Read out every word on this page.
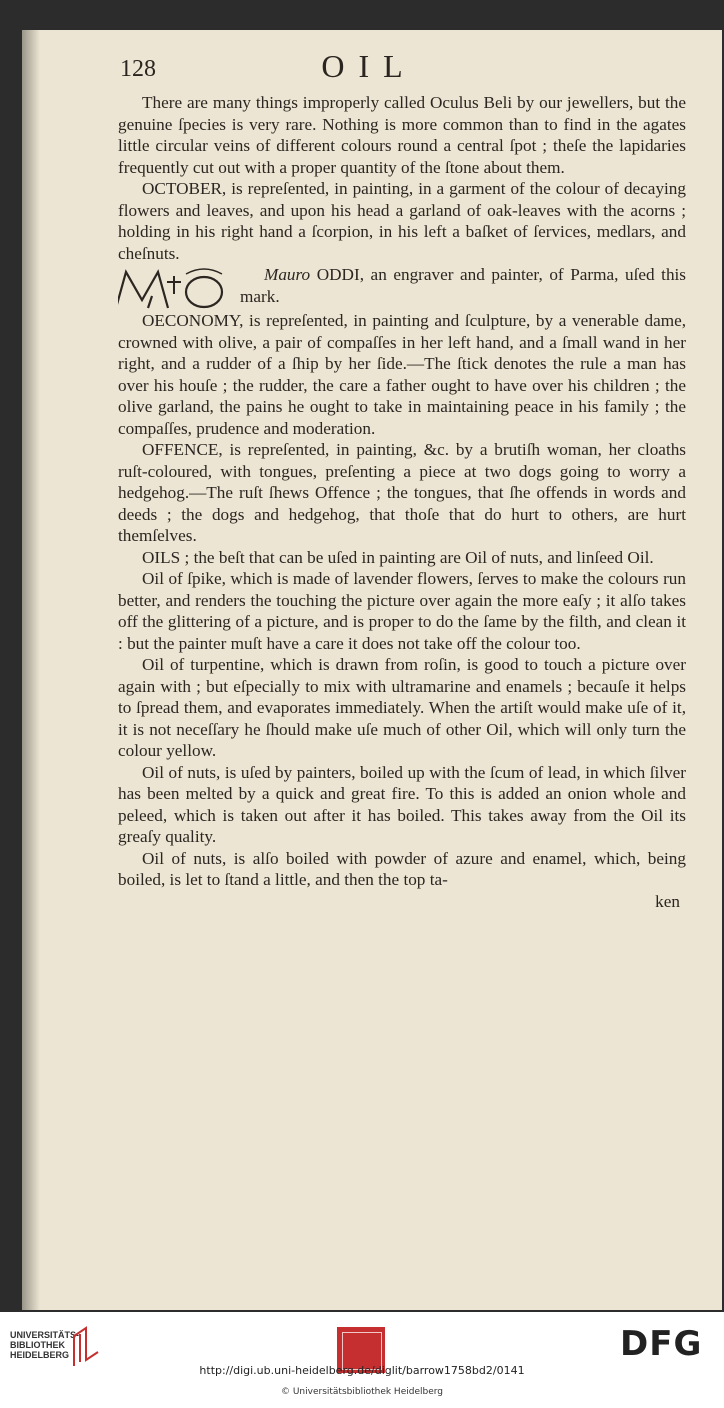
128	OIL

There are many things improperly called Oculus Beli by our jewellers, but the genuine ſpecies is very rare. Nothing is more common than to find in the agates little circular veins of different colours round a central ſpot ; theſe the lapidaries frequently cut out with a proper quantity of the ſtone about them.

OCTOBER, is repreſented, in painting, in a garment of the colour of decaying flowers and leaves, and upon his head a garland of oak-leaves with the acorns ; holding in his right hand a ſcorpion, in his left a baſket of ſervices, medlars, and cheſnuts.

Mauro ODDI, an engraver and painter, of Parma, uſed this mark.

OECONOMY, is repreſented, in painting and ſculpture, by a venerable dame, crowned with olive, a pair of compaſſes in her left hand, and a ſmall wand in her right, and a rudder of a ſhip by her ſide.—The ſtick denotes the rule a man has over his houſe ; the rudder, the care a father ought to have over his children ; the olive garland, the pains he ought to take in maintaining peace in his family ; the compaſſes, prudence and moderation.

OFFENCE, is repreſented, in painting, &c. by a brutiſh woman, her cloaths ruſt-coloured, with tongues, preſenting a piece at two dogs going to worry a hedgehog.—The ruſt ſhews Offence ; the tongues, that ſhe offends in words and deeds ; the dogs and hedgehog, that thoſe that do hurt to others, are hurt themſelves.

OILS ; the beſt that can be uſed in painting are Oil of nuts, and linſeed Oil.

Oil of ſpike, which is made of lavender flowers, ſerves to make the colours run better, and renders the touching the picture over again the more eaſy ; it alſo takes off the glittering of a picture, and is proper to do the ſame by the filth, and clean it : but the painter muſt have a care it does not take off the colour too.

Oil of turpentine, which is drawn from roſin, is good to touch a picture over again with ; but eſpecially to mix with ultramarine and enamels ; becauſe it helps to ſpread them, and evaporates immediately. When the artiſt would make uſe of it, it is not neceſſary he ſhould make uſe much of other Oil, which will only turn the colour yellow.

Oil of nuts, is uſed by painters, boiled up with the ſcum of lead, in which ſilver has been melted by a quick and great fire. To this is added an onion whole and peleed, which is taken out after it has boiled. This takes away from the Oil its greaſy quality.

Oil of nuts, is alſo boiled with powder of azure and enamel, which, being boiled, is let to ſtand a little, and then the top ta-

ken

UNIVERSITÄTS-
BIBLIOTHEK
HEIDELBERG	DFG
http://digi.ub.uni-heidelberg.de/diglit/barrow1758bd2/0141
© Universitätsbibliothek Heidelberg
